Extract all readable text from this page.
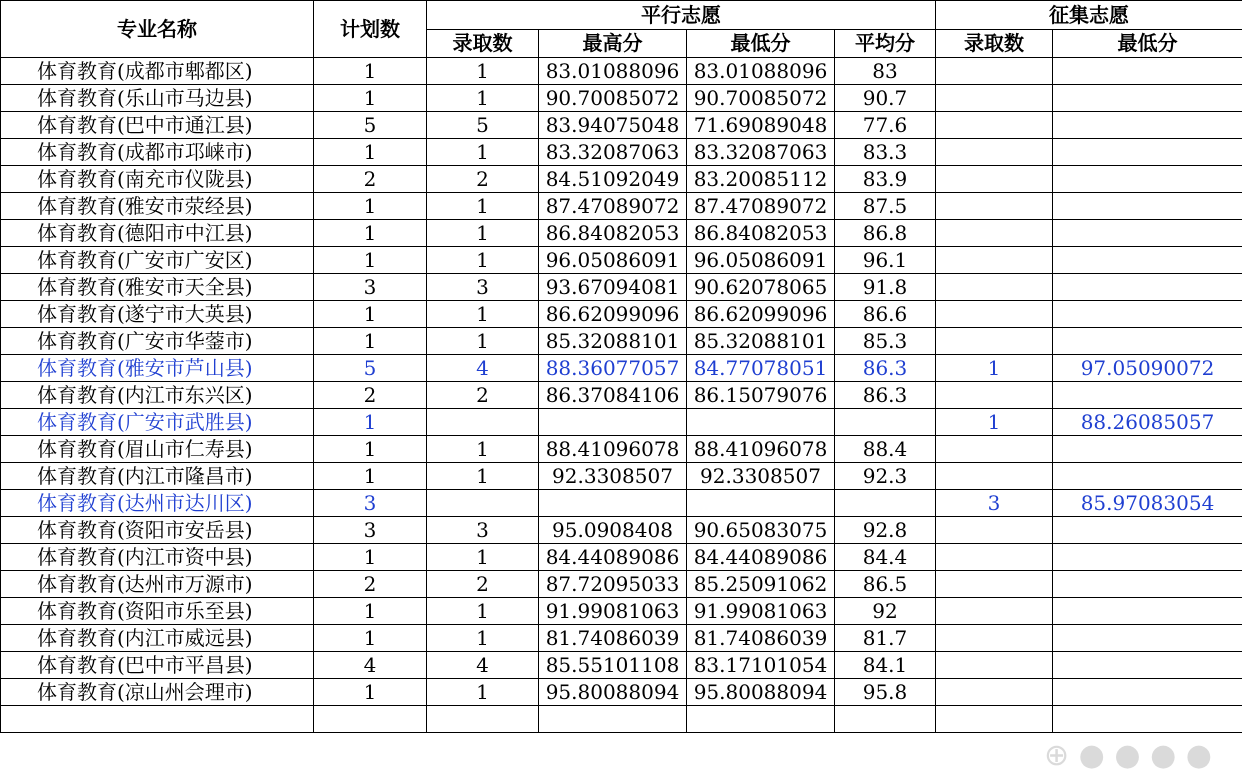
专业名称	计划数	平行志愿				征集志愿	
		录取数	最高分	最低分	平均分	录取数	最低分
体育教育(成都市郫都区)	1	1	83.01088096	83.01088096	83		
体育教育(乐山市马边县)	1	1	90.70085072	90.70085072	90.7		
体育教育(巴中市通江县)	5	5	83.94075048	71.69089048	77.6		
体育教育(成都市邛崃市)	1	1	83.32087063	83.32087063	83.3		
体育教育(南充市仪陇县)	2	2	84.51092049	83.20085112	83.9		
体育教育(雅安市荥经县)	1	1	87.47089072	87.47089072	87.5		
体育教育(德阳市中江县)	1	1	86.84082053	86.84082053	86.8		
体育教育(广安市广安区)	1	1	96.05086091	96.05086091	96.1		
体育教育(雅安市天全县)	3	3	93.67094081	90.62078065	91.8		
体育教育(遂宁市大英县)	1	1	86.62099096	86.62099096	86.6		
体育教育(广安市华蓥市)	1	1	85.32088101	85.32088101	85.3		
体育教育(雅安市芦山县)	5	4	88.36077057	84.77078051	86.3	1	97.05090072
体育教育(内江市东兴区)	2	2	86.37084106	86.15079076	86.3		
体育教育(广安市武胜县)	1					1	88.26085057
体育教育(眉山市仁寿县)	1	1	88.41096078	88.41096078	88.4		
体育教育(内江市隆昌市)	1	1	92.3308507	92.3308507	92.3		
体育教育(达州市达川区)	3					3	85.97083054
体育教育(资阳市安岳县)	3	3	95.0908408	90.65083075	92.8		
体育教育(内江市资中县)	1	1	84.44089086	84.44089086	84.4		
体育教育(达州市万源市)	2	2	87.72095033	85.25091062	86.5		
体育教育(资阳市乐至县)	1	1	91.99081063	91.99081063	92		
体育教育(内江市威远县)	1	1	81.74086039	81.74086039	81.7		
体育教育(巴中市平昌县)	4	4	85.55101108	83.17101054	84.1		
体育教育(凉山州会理市)	1	1	95.80088094	95.80088094	95.8		

⊕ ● ● ● ●
